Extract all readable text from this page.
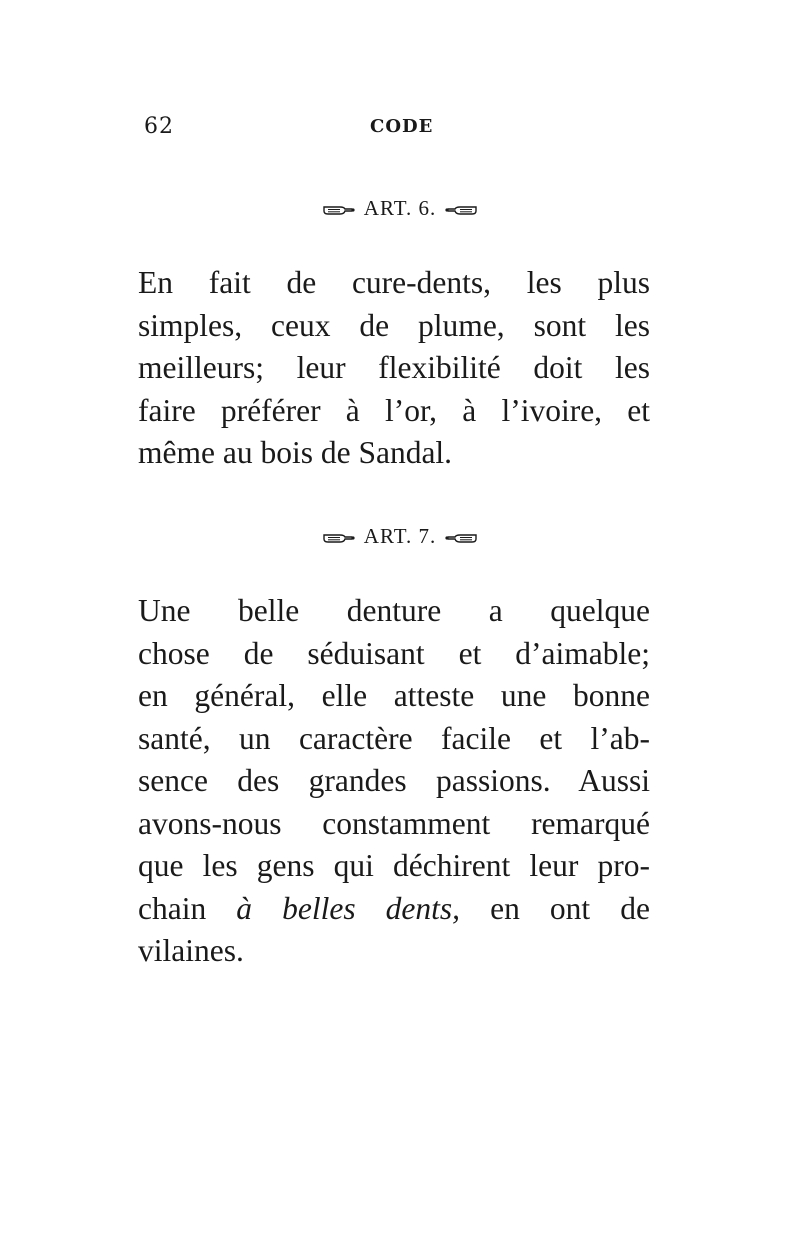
62	CODE
ART. 6.
En fait de cure-dents, les plus
simples, ceux de plume, sont les
meilleurs; leur flexibilité doit les
faire préférer à l’or, à l’ivoire, et
même au bois de Sandal.
ART. 7.
Une belle denture a quelque
chose de séduisant et d’aimable;
en général, elle atteste une bonne
santé, un caractère facile et l’ab-
sence des grandes passions. Aussi
avons-nous constamment remarqué
que les gens qui déchirent leur pro-
chain à belles dents, en ont de
vilaines.
